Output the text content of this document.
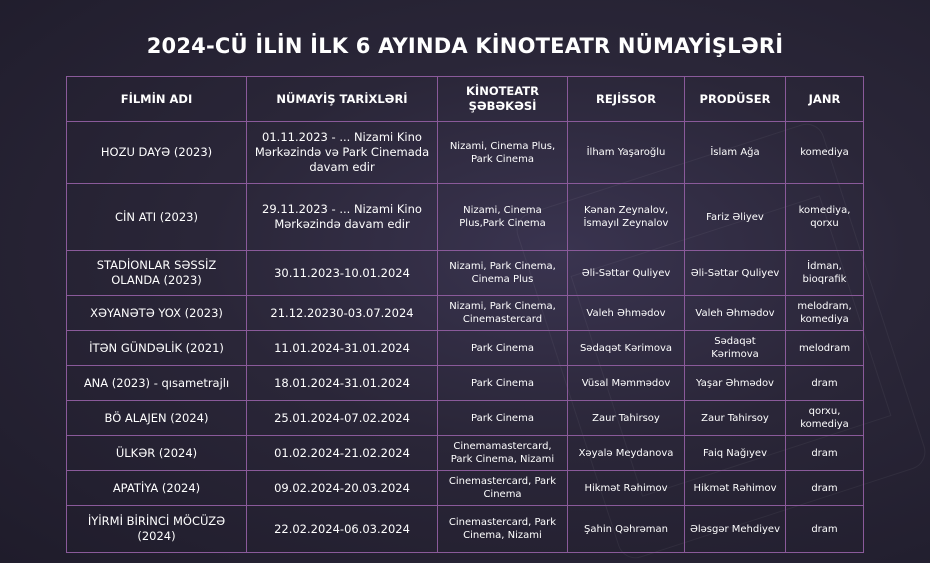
2024-CÜ İLİN İLK 6 AYINDA KİNOTEATR NÜMAYİŞLƏRİ
FİLMİN ADI	NÜMAYİŞ TARİXLƏRİ	KİNOTEATR ŞƏBƏKƏSİ	REJİSSOR	PRODÜSER	JANR
HOZU DAYƏ (2023)	01.11.2023 - ... Nizami Kino Mərkəzində və Park Cinemada davam edir	Nizami, Cinema Plus, Park Cinema	İlham Yaşaroğlu	İslam Ağa	komediya
CİN ATI (2023)	29.11.2023 - ... Nizami Kino Mərkəzində davam edir	Nizami, Cinema Plus,Park Cinema	Kənan Zeynalov, İsmayıl Zeynalov	Fariz Əliyev	komediya, qorxu
STADİONLAR SƏSSİZ OLANDA (2023)	30.11.2023-10.01.2024	Nizami, Park Cinema, Cinema Plus	Əli-Səttar Quliyev	Əli-Səttar Quliyev	İdman, bioqrafik
XƏYANƏTƏ YOX (2023)	21.12.20230-03.07.2024	Nizami, Park Cinema, Cinemastercard	Valeh Əhmədov	Valeh Əhmədov	melodram, komediya
İTƏN GÜNDƏLİK (2021)	11.01.2024-31.01.2024	Park Cinema	Sədaqət Kərimova	Sədaqət Kərimova	melodram
ANA (2023) - qısametrajlı	18.01.2024-31.01.2024	Park Cinema	Vüsal Məmmədov	Yaşar Əhmədov	dram
BÖ ALAJEN (2024)	25.01.2024-07.02.2024	Park Cinema	Zaur Tahirsoy	Zaur Tahirsoy	qorxu, komediya
ÜLKƏR (2024)	01.02.2024-21.02.2024	Cinemamastercard, Park Cinema, Nizami	Xəyalə Meydanova	Faiq Nağıyev	dram
APATİYA (2024)	09.02.2024-20.03.2024	Cinemastercard, Park Cinema	Hikmət Rəhimov	Hikmət Rəhimov	dram
İYİRMİ BİRİNCİ MÖCÜZƏ (2024)	22.02.2024-06.03.2024	Cinemastercard, Park Cinema, Nizami	Şahin Qəhrəman	Ələsgər Mehdiyev	dram
